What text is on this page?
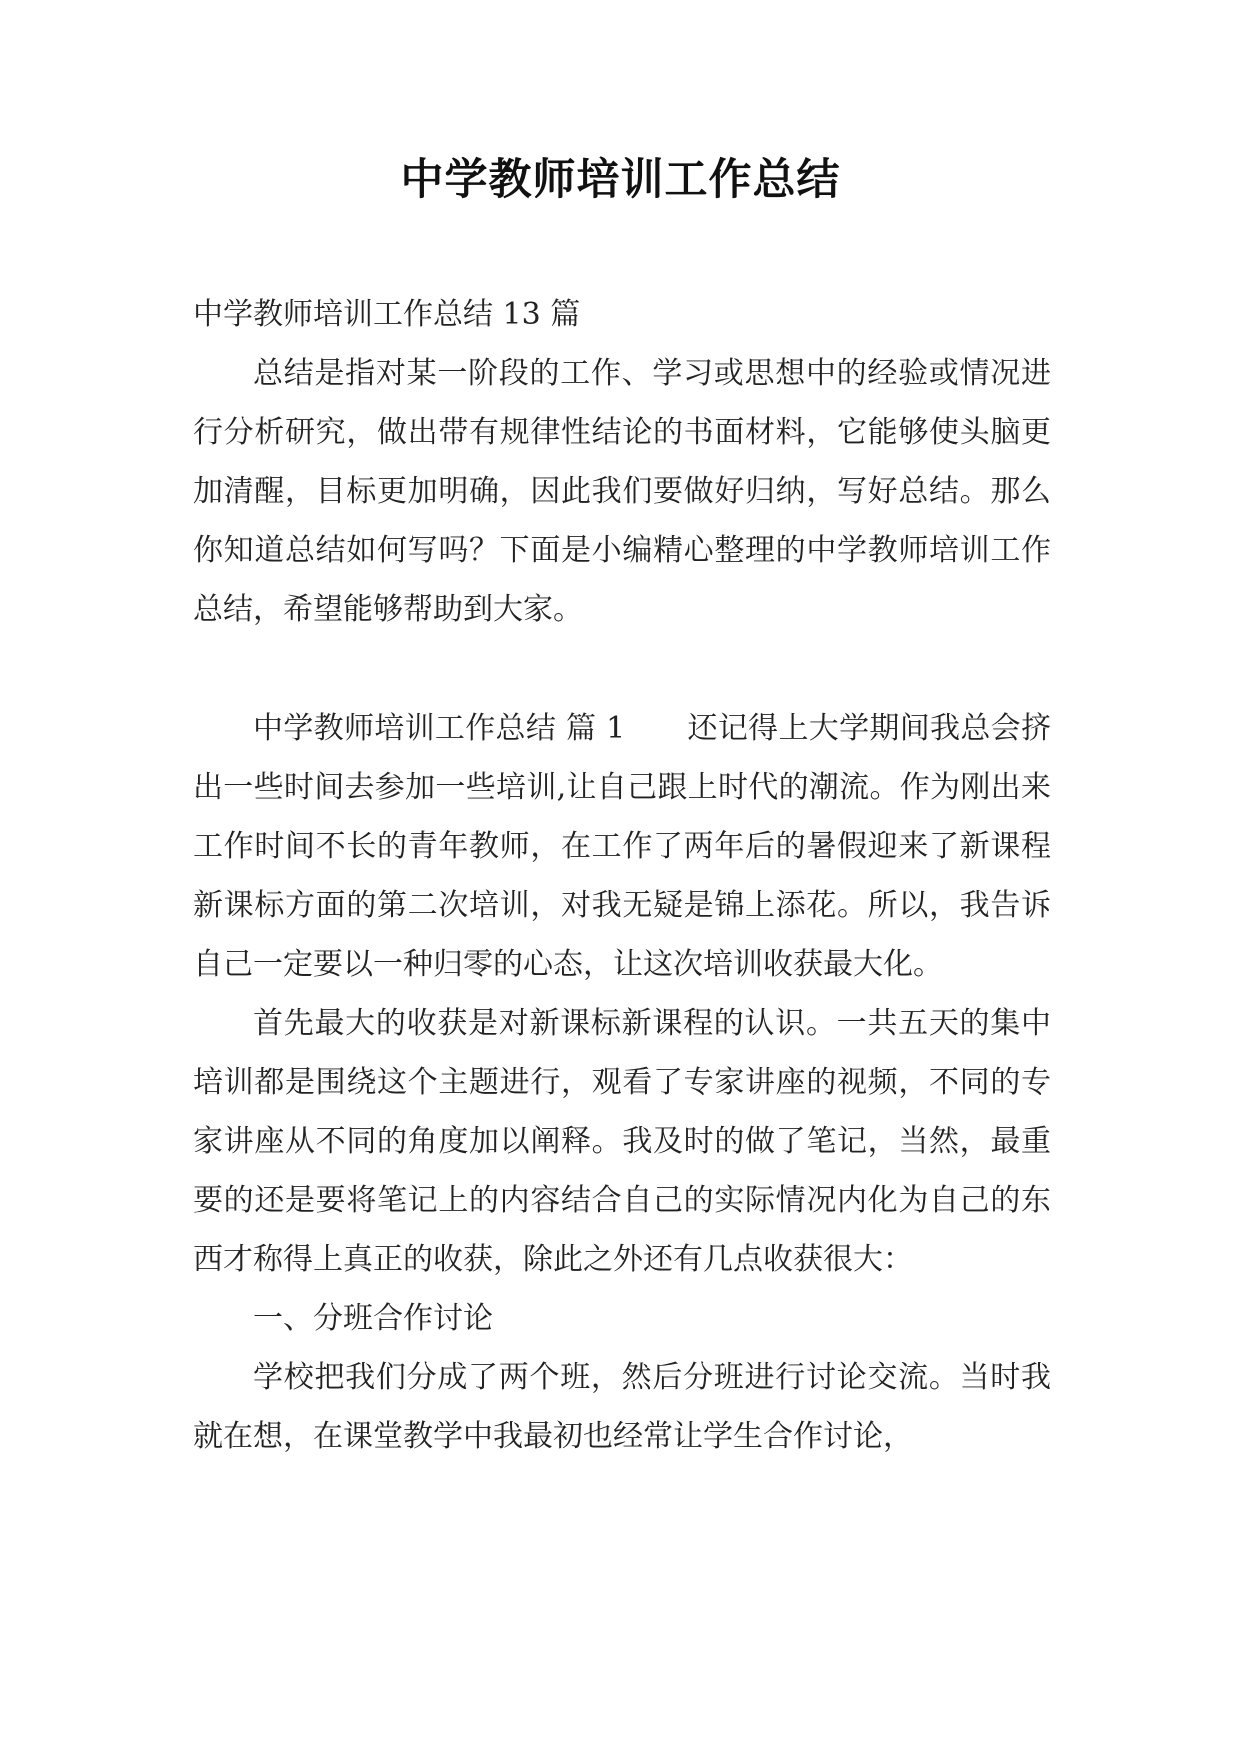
中学教师培训工作总结

中学教师培训工作总结 13 篇

总结是指对某一阶段的工作、学习或思想中的经验或情况进行分析研究，做出带有规律性结论的书面材料，它能够使头脑更加清醒，目标更加明确，因此我们要做好归纳，写好总结。那么你知道总结如何写吗？下面是小编精心整理的中学教师培训工作总结，希望能够帮助到大家。

中学教师培训工作总结 篇 1 还记得上大学期间我总会挤出一些时间去参加一些培训,让自己跟上时代的潮流。作为刚出来工作时间不长的青年教师，在工作了两年后的暑假迎来了新课程新课标方面的第二次培训，对我无疑是锦上添花。所以，我告诉自己一定要以一种归零的心态，让这次培训收获最大化。

首先最大的收获是对新课标新课程的认识。一共五天的集中培训都是围绕这个主题进行，观看了专家讲座的视频，不同的专家讲座从不同的角度加以阐释。我及时的做了笔记，当然，最重要的还是要将笔记上的内容结合自己的实际情况内化为自己的东西才称得上真正的收获，除此之外还有几点收获很大：

一、分班合作讨论

学校把我们分成了两个班，然后分班进行讨论交流。当时我就在想，在课堂教学中我最初也经常让学生合作讨论，
